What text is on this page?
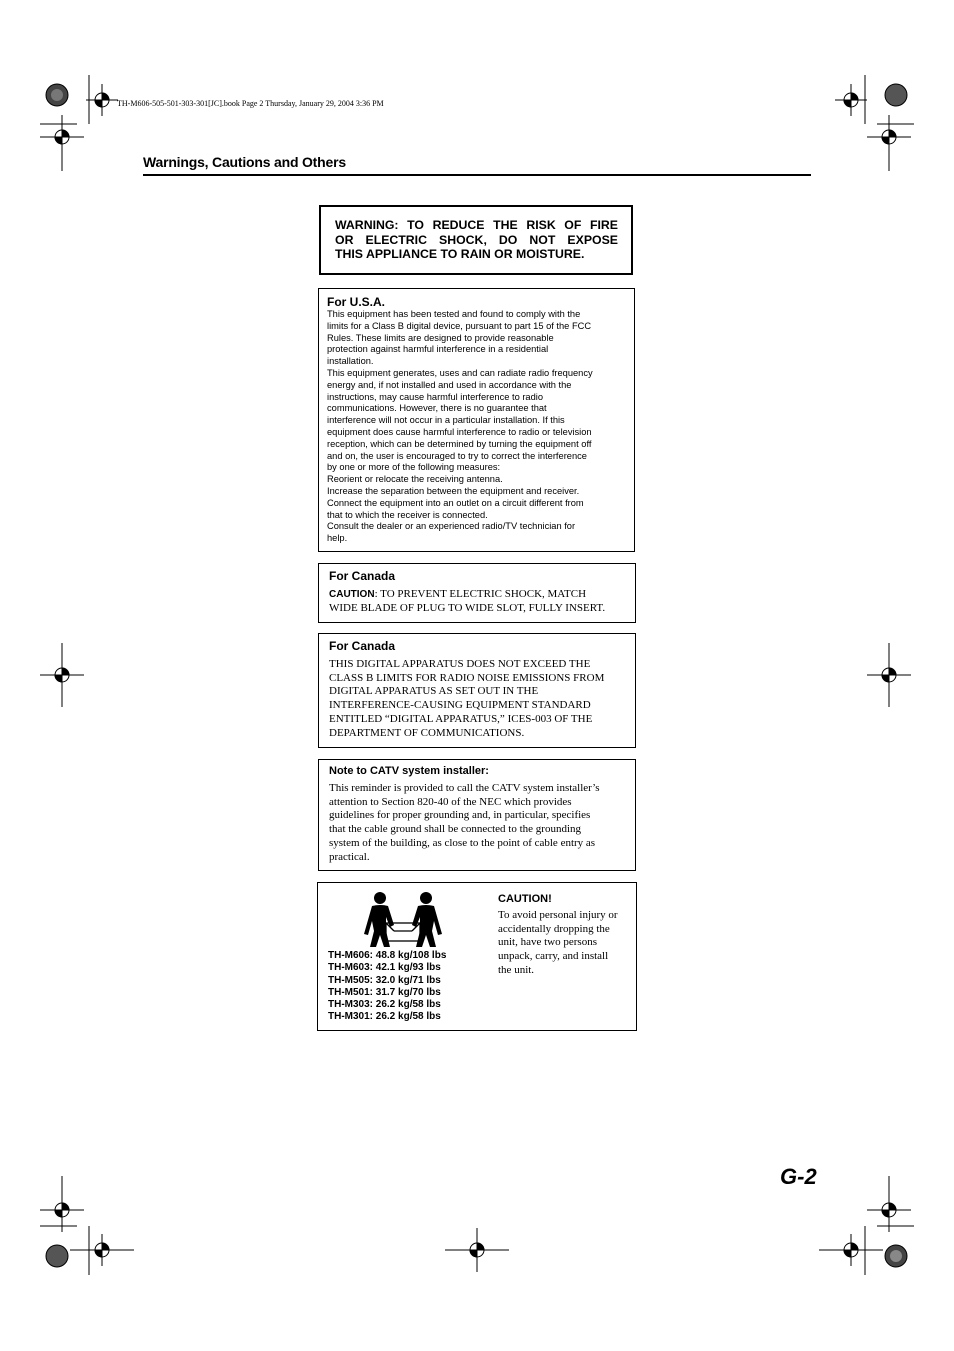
TH-M606-505-501-303-301[JC].book Page 2 Thursday, January 29, 2004 3:36 PM
Warnings, Cautions and Others

WARNING: TO REDUCE THE RISK OF FIRE

OR ELECTRIC SHOCK, DO NOT EXPOSE

THIS APPLIANCE TO RAIN OR MOISTURE.

For U.S.A.

This equipment has been tested and found to comply with the

limits for a Class B digital device, pursuant to part 15 of the FCC

Rules. These limits are designed to provide reasonable

protection against harmful interference in a residential

installation.

This equipment generates, uses and can radiate radio frequency

energy and, if not installed and used in accordance with the

instructions, may cause harmful interference to radio

communications. However, there is no guarantee that

interference will not occur in a particular installation. If this

equipment does cause harmful interference to radio or television

reception, which can be determined by turning the equipment off

and on, the user is encouraged to try to correct the interference

by one or more of the following measures:

Reorient or relocate the receiving antenna.

Increase the separation between the equipment and receiver.

Connect the equipment into an outlet on a circuit different from

that to which the receiver is connected.

Consult the dealer or an experienced radio/TV technician for

help.

For Canada

CAUTION: TO PREVENT ELECTRIC SHOCK, MATCH

WIDE BLADE OF PLUG TO WIDE SLOT, FULLY INSERT.

For Canada

THIS DIGITAL APPARATUS DOES NOT EXCEED THE

CLASS B LIMITS FOR RADIO NOISE EMISSIONS FROM

DIGITAL APPARATUS AS SET OUT IN THE

INTERFERENCE-CAUSING EQUIPMENT STANDARD

ENTITLED “DIGITAL APPARATUS,” ICES-003 OF THE

DEPARTMENT OF COMMUNICATIONS.

Note to CATV system installer:

This reminder is provided to call the CATV system installer’s

attention to Section 820-40 of the NEC which provides

guidelines for proper grounding and, in particular, specifies

that the cable ground shall be connected to the grounding

system of the building, as close to the point of cable entry as

practical.

TH-M606: 48.8 kg/108 lbs

TH-M603: 42.1 kg/93 lbs

TH-M505: 32.0 kg/71 lbs

TH-M501: 31.7 kg/70 lbs

TH-M303: 26.2 kg/58 lbs

TH-M301: 26.2 kg/58 lbs

CAUTION!

To avoid personal injury or

accidentally dropping the

unit, have two persons

unpack, carry, and install

the unit.

G-2
